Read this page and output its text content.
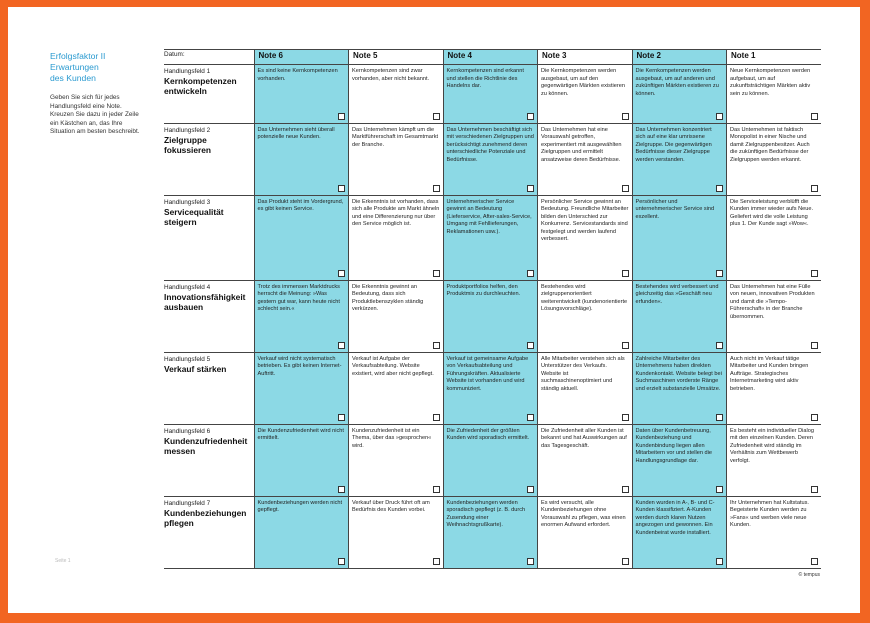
Erfolgsfaktor II
Erwartungen
des Kunden
Geben Sie sich für jedes Handlungsfeld eine Note. Kreuzen Sie dazu in jeder Zeile ein Kästchen an, das Ihre Situation am besten beschreibt.
Seite 1
Datum:	Note 6	Note 5	Note 4	Note 3	Note 2	Note 1

Handlungsfeld 1
Kernkompetenzen entwickeln	Es sind keine Kernkompetenzen vorhanden.	Kernkompetenzen sind zwar vorhanden, aber nicht bekannt.	Kernkompetenzen sind erkannt und stellen die Richtlinie des Handelns dar.	Die Kernkompetenzen werden ausgebaut, um auf den gegenwärtigen Märkten existieren zu können.	Die Kernkompetenzen werden ausgebaut, um auf anderen und zukünftigen Märkten existieren zu können.	Neue Kernkompetenzen werden aufgebaut, um auf zukunftsträchtigen Märkten aktiv sein zu können.

Handlungsfeld 2
Zielgruppe fokussieren	Das Unternehmen sieht überall potenzielle neue Kunden.	Das Unternehmen kämpft um die Marktführerschaft im Gesamtmarkt der Branche.	Das Unternehmen beschäftigt sich mit verschiedenen Zielgruppen und berücksichtigt zunehmend deren unterschiedliche Potenziale und Bedürfnisse.	Das Unternehmen hat eine Vorauswahl getroffen, experimentiert mit ausgewählten Zielgruppen und ermittelt ansatzweise deren Bedürfnisse.	Das Unternehmen konzentriert sich auf eine klar umrissene Zielgruppe. Die gegenwärtigen Bedürfnisse dieser Zielgruppe werden verstanden.	Das Unternehmen ist faktisch Monopolist in einer Nische und damit Zielgruppenbesitzer. Auch die zukünftigen Bedürfnisse der Zielgruppen werden erkannt.

Handlungsfeld 3
Servicequalität steigern	Das Produkt steht im Vordergrund, es gibt keinen Service.	Die Erkenntnis ist vorhanden, dass sich alle Produkte am Markt ähneln und eine Differenzierung nur über den Service möglich ist.	Unternehmerischer Service gewinnt an Bedeutung (Lieferservice, After-sales-Service, Umgang mit Fehllieferungen, Reklamationen usw.).	Persönlicher Service gewinnt an Bedeutung. Freundliche Mitarbeiter bilden den Unterschied zur Konkurrenz. Servicestandards sind festgelegt und werden laufend verbessert.	Persönlicher und unternehmerischer Service sind exzellent.	Die Serviceleistung verblüfft die Kunden immer wieder aufs Neue. Geliefert wird die volle Leistung plus 1. Der Kunde sagt »Wow«.

Handlungsfeld 4
Innovationsfähigkeit ausbauen	Trotz des immensen Marktdrucks herrscht die Meinung: »Was gestern gut war, kann heute nicht schlecht sein.«	Die Erkenntnis gewinnt an Bedeutung, dass sich Produktlebenszyklen ständig verkürzen.	Produktportfolios helfen, den Produktmix zu durchleuchten.	Bestehendes wird zielgruppenorientiert weiterentwickelt (kundenorientierte Lösungsvorschläge).	Bestehendes wird verbessert und gleichzeitig das »Geschäft neu erfunden«.	Das Unternehmen hat eine Fülle von neuen, innovativen Produkten und damit die »Tempo-Führerschaft« in der Branche übernommen.

Handlungsfeld 5
Verkauf stärken	Verkauf wird nicht systematisch betrieben. Es gibt keinen Internet-Auftritt.	Verkauf ist Aufgabe der Verkaufsabteilung. Website existiert, wird aber nicht gepflegt.	Verkauf ist gemeinsame Aufgabe von Verkaufsabteilung und Führungskräften. Aktualisierte Website ist vorhanden und wird kommuniziert.	Alle Mitarbeiter verstehen sich als Unterstützer des Verkaufs. Website ist suchmaschinenoptimiert und ständig aktuell.	Zahlreiche Mitarbeiter des Unternehmens haben direkten Kundenkontakt. Website belegt bei Suchmaschinen vorderste Ränge und erzielt substanzielle Umsätze.	Auch nicht im Verkauf tätige Mitarbeiter und Kunden bringen Aufträge. Strategisches Internetmarketing wird aktiv betrieben.

Handlungsfeld 6
Kundenzufriedenheit messen	Die Kundenzufriedenheit wird nicht ermittelt.	Kundenzufriedenheit ist ein Thema, über das »gesprochen« wird.	Die Zufriedenheit der größten Kunden wird sporadisch ermittelt.	Die Zufriedenheit aller Kunden ist bekannt und hat Auswirkungen auf das Tagesgeschäft.	Daten über Kundenbetreuung, Kundenbeziehung und Kundenbindung liegen allen Mitarbeitern vor und stellen die Handlungsgrundlage dar.	Es besteht ein individueller Dialog mit den einzelnen Kunden. Deren Zufriedenheit wird ständig im Verhältnis zum Wettbewerb verfolgt.

Handlungsfeld 7
Kundenbeziehungen pflegen	Kundenbeziehungen werden nicht gepflegt.	Verkauf über Druck führt oft am Bedürfnis des Kunden vorbei.	Kundenbeziehungen werden sporadisch gepflegt (z. B. durch Zusendung einer Weihnachtsgrußkarte).	Es wird versucht, alle Kundenbeziehungen ohne Vorauswahl zu pflegen, was einen enormen Aufwand erfordert.	Kunden wurden in A-, B- und C-Kunden klassifiziert. A-Kunden werden durch klaren Nutzen angezogen und gewonnen. Ein Kundenbeirat wurde installiert.	Ihr Unternehmen hat Kultstatus. Begeisterte Kunden werden zu »Fans« und werben viele neue Kunden.
© tempus
